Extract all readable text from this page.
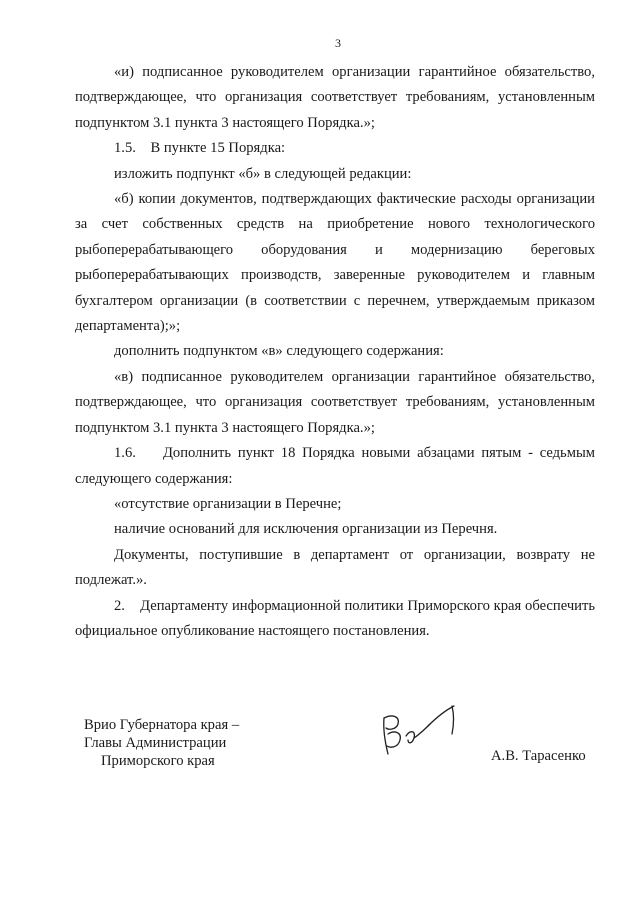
3

«и) подписанное руководителем организации гарантийное обязательство, подтверждающее, что организация соответствует требованиям, установленным подпунктом 3.1 пункта 3 настоящего Порядка.»;

1.5.    В пункте 15 Порядка:

изложить подпункт «б» в следующей редакции:

«б) копии документов, подтверждающих фактические расходы организации за счет собственных средств на приобретение нового технологического рыбоперерабатывающего оборудования и модернизацию береговых рыбоперерабатывающих производств, заверенные руководителем и главным бухгалтером организации (в соответствии с перечнем, утверждаемым приказом департамента);»;

дополнить подпунктом «в» следующего содержания:

«в) подписанное руководителем организации гарантийное обязательство, подтверждающее, что организация соответствует требованиям, установленным подпунктом 3.1 пункта 3 настоящего Порядка.»;

1.6.    Дополнить пункт 18 Порядка новыми абзацами пятым - седьмым следующего содержания:

«отсутствие организации в Перечне;

наличие оснований для исключения организации из Перечня.

Документы, поступившие в департамент от организации, возврату не подлежат.».

2.    Департаменту информационной политики Приморского края обеспечить официальное опубликование настоящего постановления.

Врио Губернатора края –
Главы Администрации
Приморского края	А.В. Тарасенко
